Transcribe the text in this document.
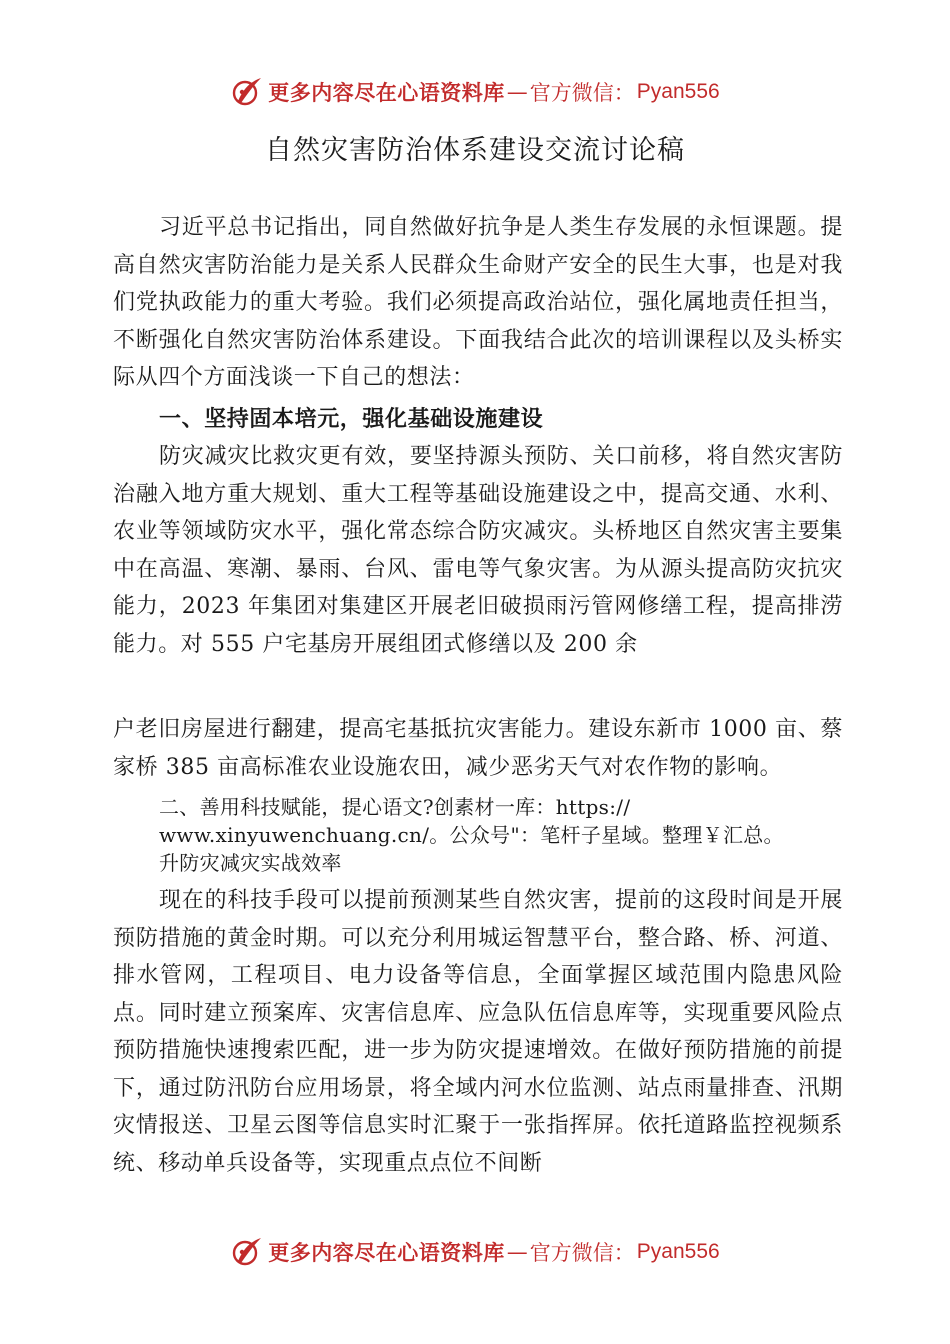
更多内容尽在心语资料库 — 官方微信： Pyan556
自然灾害防治体系建设交流讨论稿

习近平总书记指出，同自然做好抗争是人类生存发展的永恒课题。提高自然灾害防治能力是关系人民群众生命财产安全的民生大事，也是对我们党执政能力的重大考验。我们必须提高政治站位，强化属地责任担当，不断强化自然灾害防治体系建设。下面我结合此次的培训课程以及头桥实际从四个方面浅谈一下自己的想法：

一、坚持固本培元，强化基础设施建设

防灾减灾比救灾更有效，要坚持源头预防、关口前移，将自然灾害防治融入地方重大规划、重大工程等基础设施建设之中，提高交通、水利、农业等领域防灾水平，强化常态综合防灾减灾。头桥地区自然灾害主要集中在高温、寒潮、暴雨、台风、雷电等气象灾害。为从源头提高防灾抗灾能力，2023 年集团对集建区开展老旧破损雨污管网修缮工程，提高排涝能力。对 555 户宅基房开展组团式修缮以及 200 余

户老旧房屋进行翻建，提高宅基抵抗灾害能力。建设东新市 1000 亩、蔡家桥 385 亩高标准农业设施农田，减少恶劣天气对农作物的影响。

二、善用科技赋能，提心语文?创素材一库：https://

www.xinyuwenchuang.cn/。公众号"：笔杆子星域。整理￥汇总。

升防灾减灾实战效率

现在的科技手段可以提前预测某些自然灾害，提前的这段时间是开展预防措施的黄金时期。可以充分利用城运智慧平台，整合路、桥、河道、排水管网，工程项目、电力设备等信息，全面掌握区域范围内隐患风险点。同时建立预案库、灾害信息库、应急队伍信息库等，实现重要风险点预防措施快速搜索匹配，进一步为防灾提速增效。在做好预防措施的前提下，通过防汛防台应用场景，将全域内河水位监测、站点雨量排查、汛期灾情报送、卫星云图等信息实时汇聚于一张指挥屏。依托道路监控视频系统、移动单兵设备等，实现重点点位不间断

更多内容尽在心语资料库 — 官方微信： Pyan556
